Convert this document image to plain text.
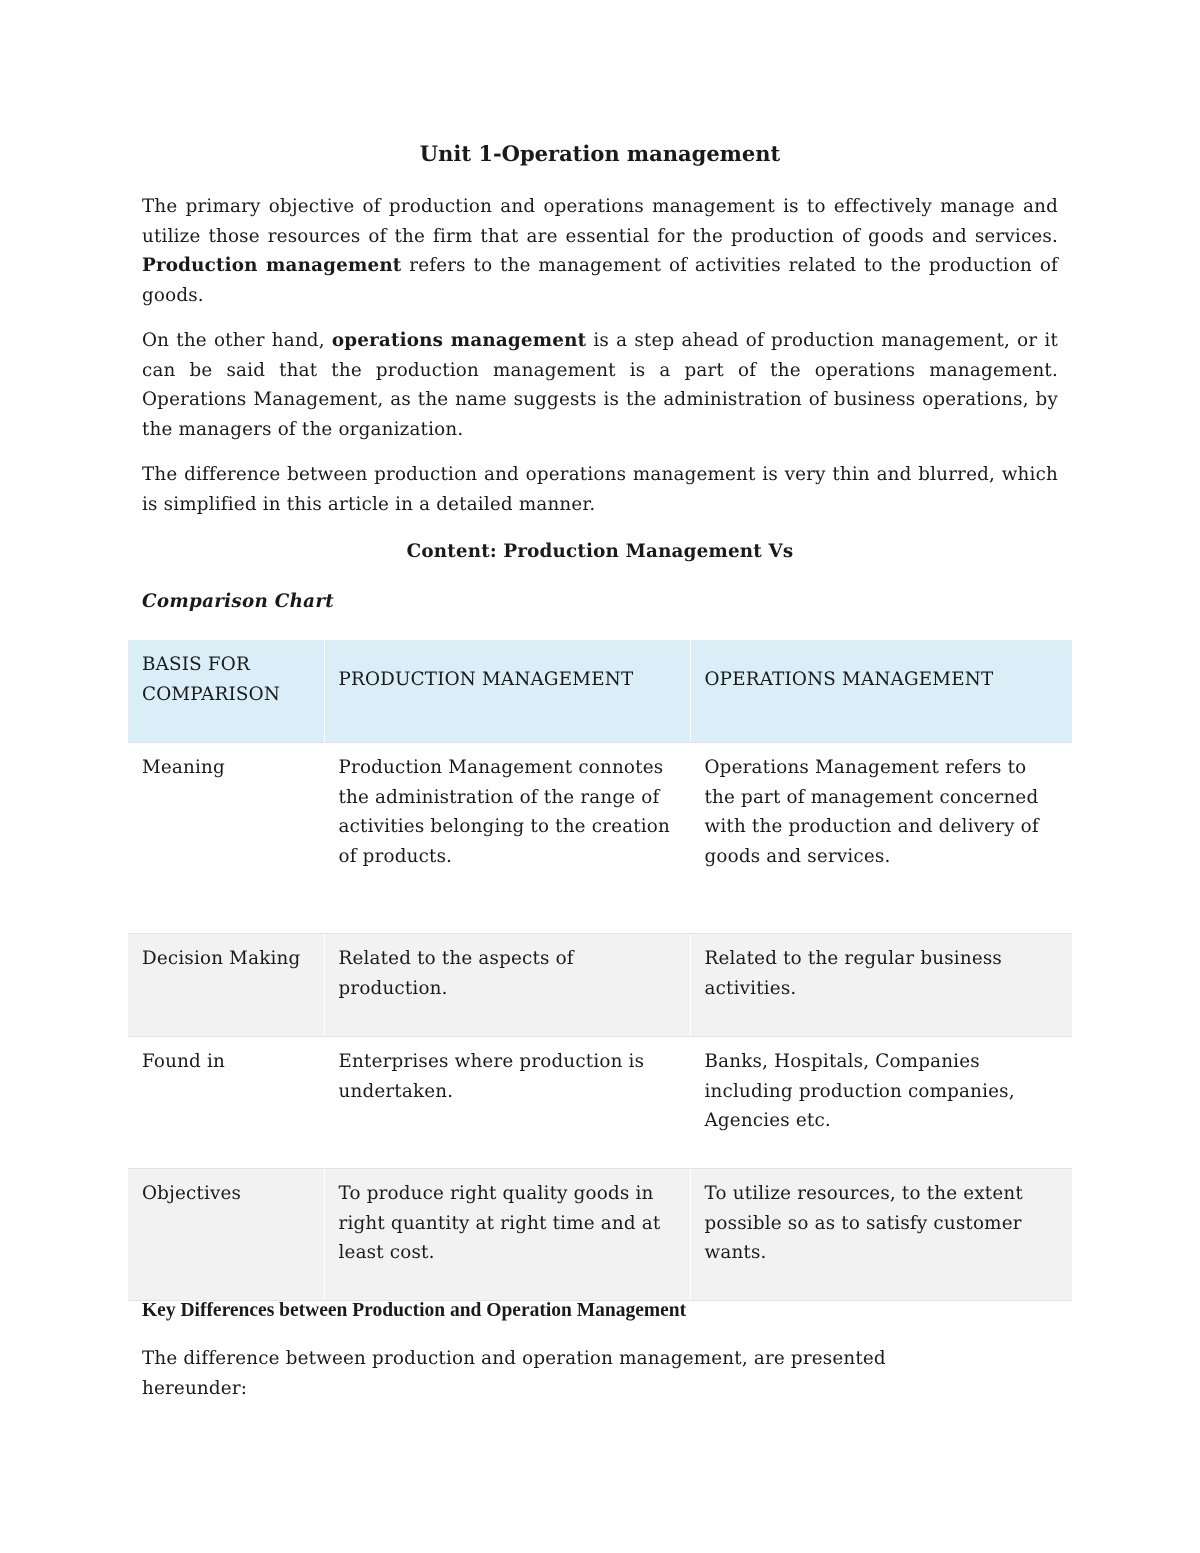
Unit 1-Operation management

The primary objective of production and operations management is to effectively manage and utilize those resources of the firm that are essential for the production of goods and services. Production management refers to the management of activities related to the production of goods.

On the other hand, operations management is a step ahead of production management, or it can be said that the production management is a part of the operations management. Operations Management, as the name suggests is the administration of business operations, by the managers of the organization.

The difference between production and operations management is very thin and blurred, which is simplified in this article in a detailed manner.

Content: Production Management Vs
Comparison Chart
BASIS FOR COMPARISON	PRODUCTION MANAGEMENT	OPERATIONS MANAGEMENT

Meaning	Production Management connotes the administration of the range of activities belonging to the creation of products.	Operations Management refers to the part of management concerned with the production and delivery of goods and services.
Decision Making	Related to the aspects of production.	Related to the regular business activities.
Found in	Enterprises where production is undertaken.	Banks, Hospitals, Companies including production companies, Agencies etc.
Objectives	To produce right quality goods in right quantity at right time and at least cost.	To utilize resources, to the extent possible so as to satisfy customer wants.
Key Differences between Production and Operation Management

The difference between production and operation management, are presented hereunder:
